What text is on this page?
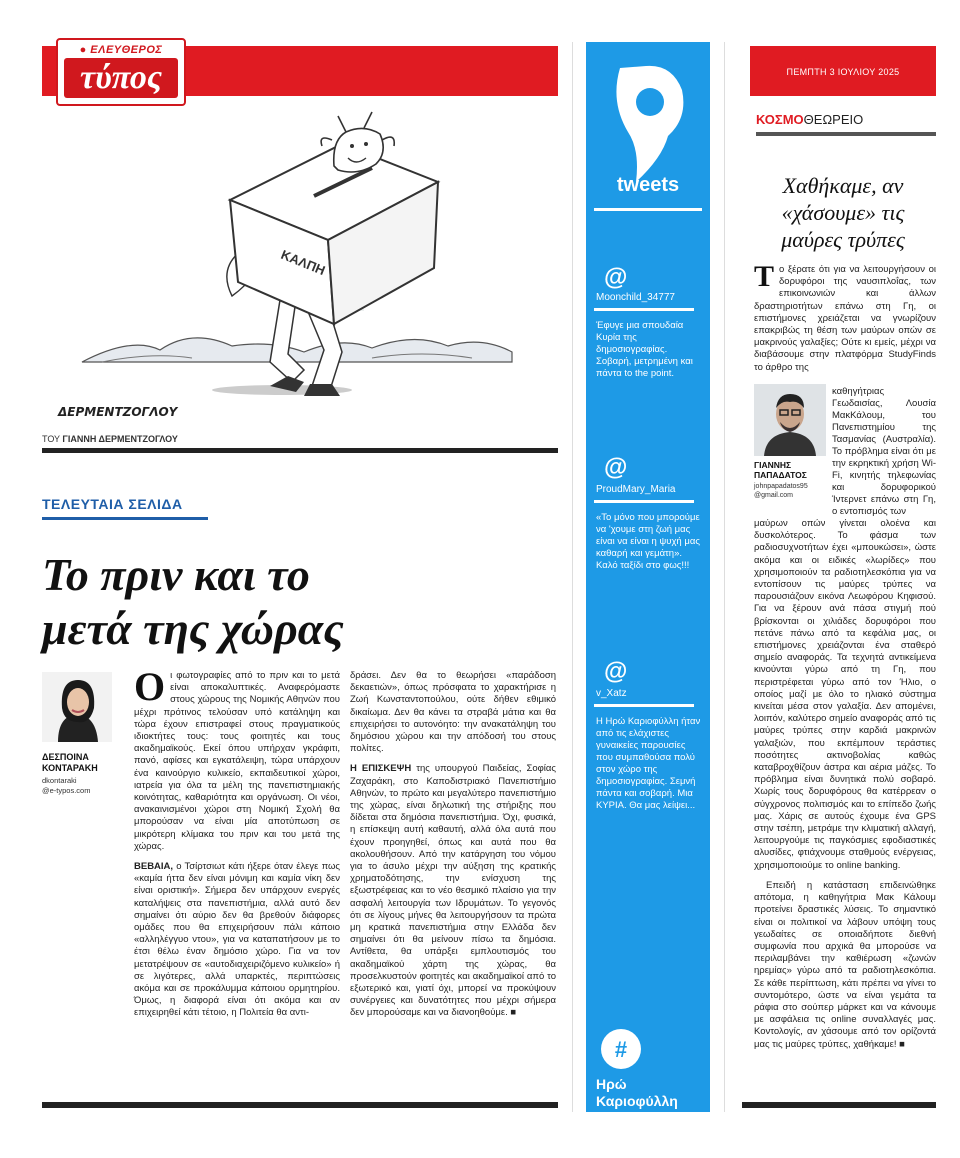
● ΕΛΕΥΘΕΡΟΣ
τύπος
ΚΑΛΠΗ
ΔΕΡΜΕΝΤΖΟΓΛΟΥ
ΤΟΥ ΓΙΑΝΝΗ ΔΕΡΜΕΝΤΖΟΓΛΟΥ
ΤΕΛΕΥΤΑΙΑ ΣΕΛΙΔΑ
Το πριν και το
μετά της χώρας
ΔΕΣΠΟΙΝΑ
ΚΟΝΤΑΡΑΚΗ
dkontaraki
@e-typos.com

Οι φωτογραφίες από το πριν και το μετά είναι αποκαλυπτικές. Αναφερόμαστε στους χώρους της Νομικής Αθηνών που μέχρι πρότινος τελούσαν υπό κατάληψη και τώρα έχουν επιστραφεί στους πραγματικούς ιδιοκτήτες τους: τους φοιτητές και τους ακαδημαϊκούς. Εκεί όπου υπήρχαν γκράφιτι, πανό, αφίσες και εγκατάλειψη, τώρα υπάρχουν ένα καινούργιο κυλικείο, εκπαιδευτικοί χώροι, ιατρεία για όλα τα μέλη της πανεπιστημιακής κοινότητας, καθαριότητα και οργάνωση. Οι νέοι, ανακαινισμένοι χώροι στη Νομική Σχολή θα μπορούσαν να είναι μία αποτύπωση σε μικρότερη κλίμακα του πριν και του μετά της χώρας.

ΒΕΒΑΙΑ, ο Τσίρτσιωτ κάτι ήξερε όταν έλεγε πως «καμία ήττα δεν είναι μόνιμη και καμία νίκη δεν είναι οριστική». Σήμερα δεν υπάρχουν ενεργές καταλήψεις στα πανεπιστήμια, αλλά αυτό δεν σημαίνει ότι αύριο δεν θα βρεθούν διάφορες ομάδες που θα επιχειρήσουν πάλι κάποιο «αλληλέγγυο ντου», για να καταπατήσουν με το έτσι θέλω έναν δημόσιο χώρο. Για να τον μετατρέψουν σε «αυτοδιαχειριζόμενο κυλικείο» ή σε λιγότερες, αλλά υπαρκτές, περιπτώσεις ακόμα και σε προκάλυμμα κάποιου ορμητηρίου. Όμως, η διαφορά είναι ότι ακόμα και αν επιχειρηθεί κάτι τέτοιο, η Πολιτεία θα αντι-

δράσει. Δεν θα το θεωρήσει «παράδοση δεκαετιών», όπως πρόσφατα το χαρακτήρισε η Ζωή Κωνσταντοπούλου, ούτε δήθεν εθιμικό δικαίωμα. Δεν θα κάνει τα στραβά μάτια και θα επιχειρήσει το αυτονόητο: την ανακατάληψη του δημόσιου χώρου και την απόδοσή του στους πολίτες.

Η ΕΠΙΣΚΕΨΗ της υπουργού Παιδείας, Σοφίας Ζαχαράκη, στο Καποδιστριακό Πανεπιστήμιο Αθηνών, το πρώτο και μεγαλύτερο πανεπιστήμιο της χώρας, είναι δηλωτική της στήριξης που δίδεται στα δημόσια πανεπιστήμια. Όχι, φυσικά, η επίσκεψη αυτή καθαυτή, αλλά όλα αυτά που έχουν προηγηθεί, όπως και αυτά που θα ακολουθήσουν. Από την κατάργηση του νόμου για το άσυλο μέχρι την αύξηση της κρατικής χρηματοδότησης, την ενίσχυση της εξωστρέφειας και το νέο θεσμικό πλαίσιο για την ασφαλή λειτουργία των Ιδρυμάτων. Το γεγονός ότι σε λίγους μήνες θα λειτουργήσουν τα πρώτα μη κρατικά πανεπιστήμια στην Ελλάδα δεν σημαίνει ότι θα μείνουν πίσω τα δημόσια. Αντίθετα, θα υπάρξει εμπλουτισμός του ακαδημαϊκού χάρτη της χώρας, θα προσελκυστούν φοιτητές και ακαδημαϊκοί από το εξωτερικό και, γιατί όχι, μπορεί να προκύψουν συνέργειες και δυνατότητες που μέχρι σήμερα δεν μπορούσαμε και να διανοηθούμε. ■

tweets
@
Moonchild_34777
Έφυγε μια σπουδαία Κυρία της δημοσιογραφίας. Σοβαρή, μετρημένη και πάντα to the point.
@
ProudMary_Maria
«Το μόνο που μπορούμε να 'χουμε στη ζωή μας είναι να είναι η ψυχή μας καθαρή και γεμάτη». Καλό ταξίδι στο φως!!!
@
v_Xatz
Η Ηρώ Καριοφύλλη ήταν από τις ελάχιστες γυναικείες παρουσίες που συμπαθούσα πολύ στον χώρο της δημοσιογραφίας. Σεμνή πάντα και σοβαρή. Μια ΚΥΡΙΑ. Θα μας λείψει...
#
Ηρώ
Καριοφύλλη
ΠΕΜΠΤΗ 3 ΙΟΥΛΙΟΥ 2025
ΚΟΣΜΟΘΕΩΡΕΙΟ
Χαθήκαμε, αν
«χάσουμε» τις
μαύρες τρύπες
Το ξέρατε ότι για να λειτουργήσουν οι δορυφόροι της ναυσιπλοΐας, των επικοινωνιών και άλλων δραστηριοτήτων επάνω στη Γη, οι επιστήμονες χρειάζεται να γνωρίζουν επακριβώς τη θέση των μαύρων οπών σε μακρινούς γαλαξίες; Ούτε κι εμείς, μέχρι να διαβάσουμε στην πλατφόρμα StudyFinds το άρθρο της
καθηγήτριας Γεωδαισίας, Λουσία ΜακΚάλουμ, του Πανεπιστημίου της Τασμανίας (Αυστραλία). Το πρόβλημα είναι ότι με την εκρηκτική χρήση Wi-Fi, κινητής τηλεφωνίας και δορυφορικού Ίντερνετ επάνω στη Γη, ο εντοπισμός των
ΓΙΑΝΝΗΣ
ΠΑΠΑΔΑΤΟΣ
johnpapadatos95
@gmail.com

μαύρων οπών γίνεται ολοένα και δυσκολότερος. Το φάσμα των ραδιοσυχνοτήτων έχει «μπουκώσει», ώστε ακόμα και οι ειδικές «λωρίδες» που χρησιμοποιούν τα ραδιοτηλεσκόπια για να εντοπίσουν τις μαύρες τρύπες να παρουσιάζουν εικόνα Λεωφόρου Κηφισού. Για να ξέρουν ανά πάσα στιγμή πού βρίσκονται οι χιλιάδες δορυφόροι που πετάνε πάνω από τα κεφάλια μας, οι επιστήμονες χρειάζονται ένα σταθερό σημείο αναφοράς. Τα τεχνητά αντικείμενα κινούνται γύρω από τη Γη, που περιστρέφεται γύρω από τον Ήλιο, ο οποίος μαζί με όλο το ηλιακό σύστημα κινείται μέσα στον γαλαξία. Δεν απομένει, λοιπόν, καλύτερο σημείο αναφοράς από τις μαύρες τρύπες στην καρδιά μακρινών γαλαξιών, που εκπέμπουν τεράστιες ποσότητες ακτινοβολίας καθώς καταβροχθίζουν άστρα και αέρια μάζες. Το πρόβλημα είναι δυνητικά πολύ σοβαρό. Χωρίς τους δορυφόρους θα κατέρρεαν ο σύγχρονος πολιτισμός και το επίπεδο ζωής μας. Χάρις σε αυτούς έχουμε ένα GPS στην τσέπη, μετράμε την κλιματική αλλαγή, λειτουργούμε τις παγκόσμιες εφοδιαστικές αλυσίδες, φτιάχνουμε σταθμούς ενέργειας, χρησιμοποιούμε το online banking.

Επειδή η κατάσταση επιδεινώθηκε απότομα, η καθηγήτρια Μακ Κάλουμ προτείνει δραστικές λύσεις. Το σημαντικό είναι οι πολιτικοί να λάβουν υπόψη τους γεωδαίτες σε οποιαδήποτε διεθνή συμφωνία που αρχικά θα μπορούσε να περιλαμβάνει την καθιέρωση «ζωνών ηρεμίας» γύρω από τα ραδιοτηλεσκόπια. Σε κάθε περίπτωση, κάτι πρέπει να γίνει το συντομότερο, ώστε να είναι γεμάτα τα ράφια στο σούπερ μάρκετ και να κάνουμε με ασφάλεια τις online συναλλαγές μας. Κοντολογίς, αν χάσουμε από τον ορίζοντά μας τις μαύρες τρύπες, χαθήκαμε! ■
